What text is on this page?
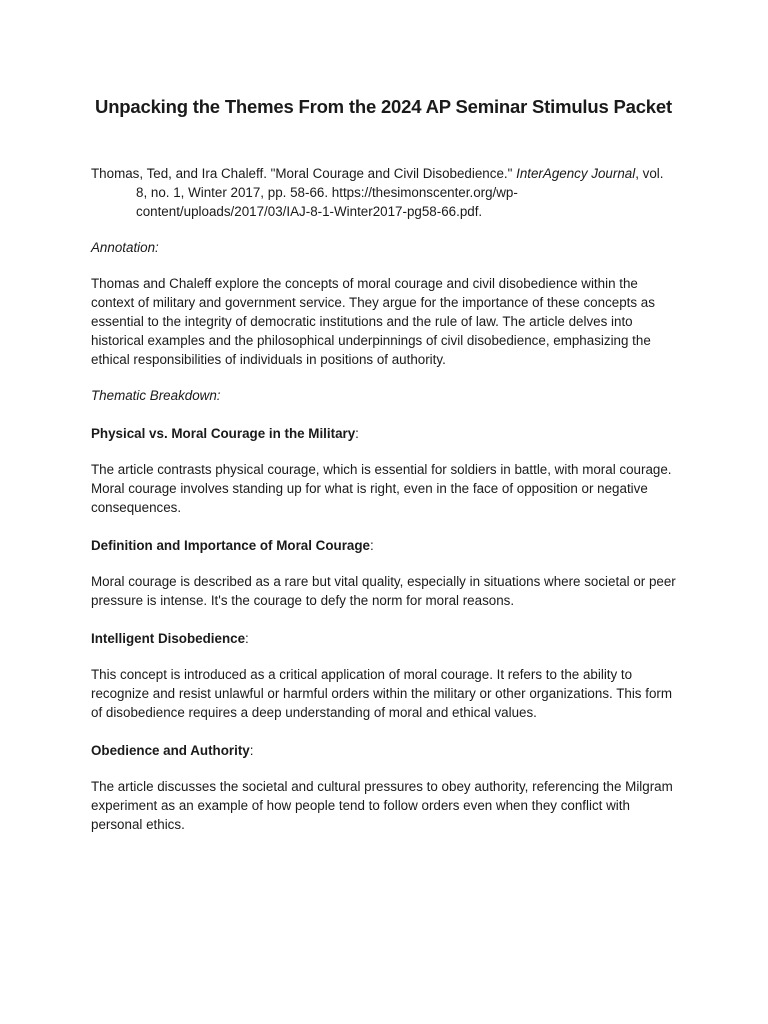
Unpacking the Themes From the 2024 AP Seminar Stimulus Packet

Thomas, Ted, and Ira Chaleff. "Moral Courage and Civil Disobedience." InterAgency Journal, vol. 8, no. 1, Winter 2017, pp. 58-66. https://thesimonscenter.org/wp-content/uploads/2017/03/IAJ-8-1-Winter2017-pg58-66.pdf.

Annotation:

Thomas and Chaleff explore the concepts of moral courage and civil disobedience within the context of military and government service. They argue for the importance of these concepts as essential to the integrity of democratic institutions and the rule of law. The article delves into historical examples and the philosophical underpinnings of civil disobedience, emphasizing the ethical responsibilities of individuals in positions of authority.

Thematic Breakdown:

Physical vs. Moral Courage in the Military:

The article contrasts physical courage, which is essential for soldiers in battle, with moral courage. Moral courage involves standing up for what is right, even in the face of opposition or negative consequences.

Definition and Importance of Moral Courage:

Moral courage is described as a rare but vital quality, especially in situations where societal or peer pressure is intense. It's the courage to defy the norm for moral reasons.

Intelligent Disobedience:

This concept is introduced as a critical application of moral courage. It refers to the ability to recognize and resist unlawful or harmful orders within the military or other organizations. This form of disobedience requires a deep understanding of moral and ethical values.

Obedience and Authority:

The article discusses the societal and cultural pressures to obey authority, referencing the Milgram experiment as an example of how people tend to follow orders even when they conflict with personal ethics.
